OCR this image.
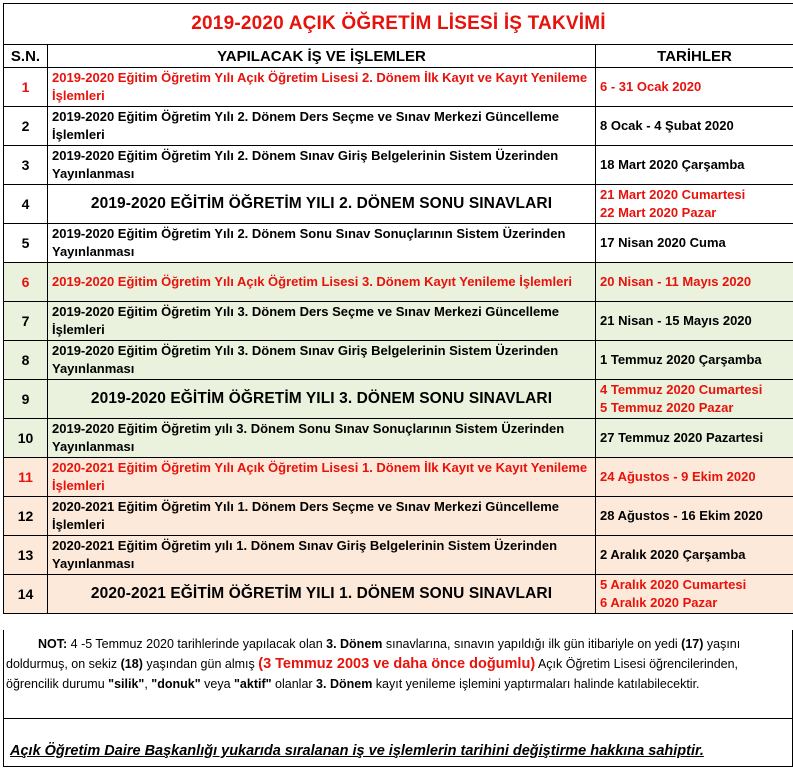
2019-2020 AÇIK ÖĞRETİM LİSESİ İŞ TAKVİMİ		
S.N.	YAPILACAK İŞ VE İŞLEMLER	TARİHLER
1	2019-2020 Eğitim Öğretim Yılı Açık Öğretim Lisesi 2. Dönem İlk Kayıt ve Kayıt Yenileme İşlemleri	6 - 31 Ocak 2020
2	2019-2020 Eğitim Öğretim Yılı 2. Dönem Ders Seçme ve Sınav Merkezi Güncelleme İşlemleri	8 Ocak - 4 Şubat 2020
3	2019-2020 Eğitim Öğretim Yılı 2. Dönem Sınav Giriş Belgelerinin Sistem Üzerinden Yayınlanması	18 Mart 2020 Çarşamba
4	2019-2020 EĞİTİM ÖĞRETİM YILI 2. DÖNEM SONU SINAVLARI	21 Mart 2020 Cumartesi
22 Mart 2020 Pazar

5	2019-2020 Eğitim Öğretim Yılı 2. Dönem Sonu Sınav Sonuçlarının Sistem Üzerinden Yayınlanması	17 Nisan 2020 Cuma
6	2019-2020 Eğitim Öğretim Yılı Açık Öğretim Lisesi 3. Dönem Kayıt Yenileme İşlemleri	20 Nisan - 11 Mayıs 2020
7	2019-2020 Eğitim Öğretim Yılı 3. Dönem Ders Seçme ve Sınav Merkezi Güncelleme İşlemleri	21 Nisan - 15 Mayıs 2020
8	2019-2020 Eğitim Öğretim Yılı 3. Dönem Sınav Giriş Belgelerinin Sistem Üzerinden Yayınlanması	1 Temmuz 2020 Çarşamba
9	2019-2020 EĞİTİM ÖĞRETİM YILI 3. DÖNEM SONU SINAVLARI	4 Temmuz 2020 Cumartesi
5 Temmuz 2020 Pazar

10	2019-2020 Eğitim Öğretim yılı 3. Dönem Sonu Sınav Sonuçlarının Sistem Üzerinden Yayınlanması	27 Temmuz 2020 Pazartesi
11	2020-2021 Eğitim Öğretim Yılı Açık Öğretim Lisesi 1. Dönem İlk Kayıt ve Kayıt Yenileme İşlemleri	24 Ağustos - 9 Ekim 2020
12	2020-2021 Eğitim Öğretim Yılı 1. Dönem Ders Seçme ve Sınav Merkezi Güncelleme İşlemleri	28 Ağustos - 16 Ekim 2020
13	2020-2021 Eğitim Öğretim yılı 1. Dönem Sınav Giriş Belgelerinin Sistem Üzerinden Yayınlanması	2 Aralık 2020 Çarşamba
14	2020-2021 EĞİTİM ÖĞRETİM YILI 1. DÖNEM SONU SINAVLARI	5 Aralık 2020 Cumartesi
6 Aralık 2020 Pazar
NOT: 4 -5 Temmuz 2020 tarihlerinde yapılacak olan 3. Dönem sınavlarına, sınavın yapıldığı ilk gün itibariyle on yedi (17) yaşını doldurmuş, on sekiz (18) yaşından gün almış (3 Temmuz 2003 ve daha önce doğumlu) Açık Öğretim Lisesi öğrencilerinden, öğrencilik durumu "silik", "donuk" veya "aktif" olanlar 3. Dönem kayıt yenileme işlemini yaptırmaları halinde katılabilecektir.
Açık Öğretim Daire Başkanlığı yukarıda sıralanan iş ve işlemlerin tarihini değiştirme hakkına sahiptir.
